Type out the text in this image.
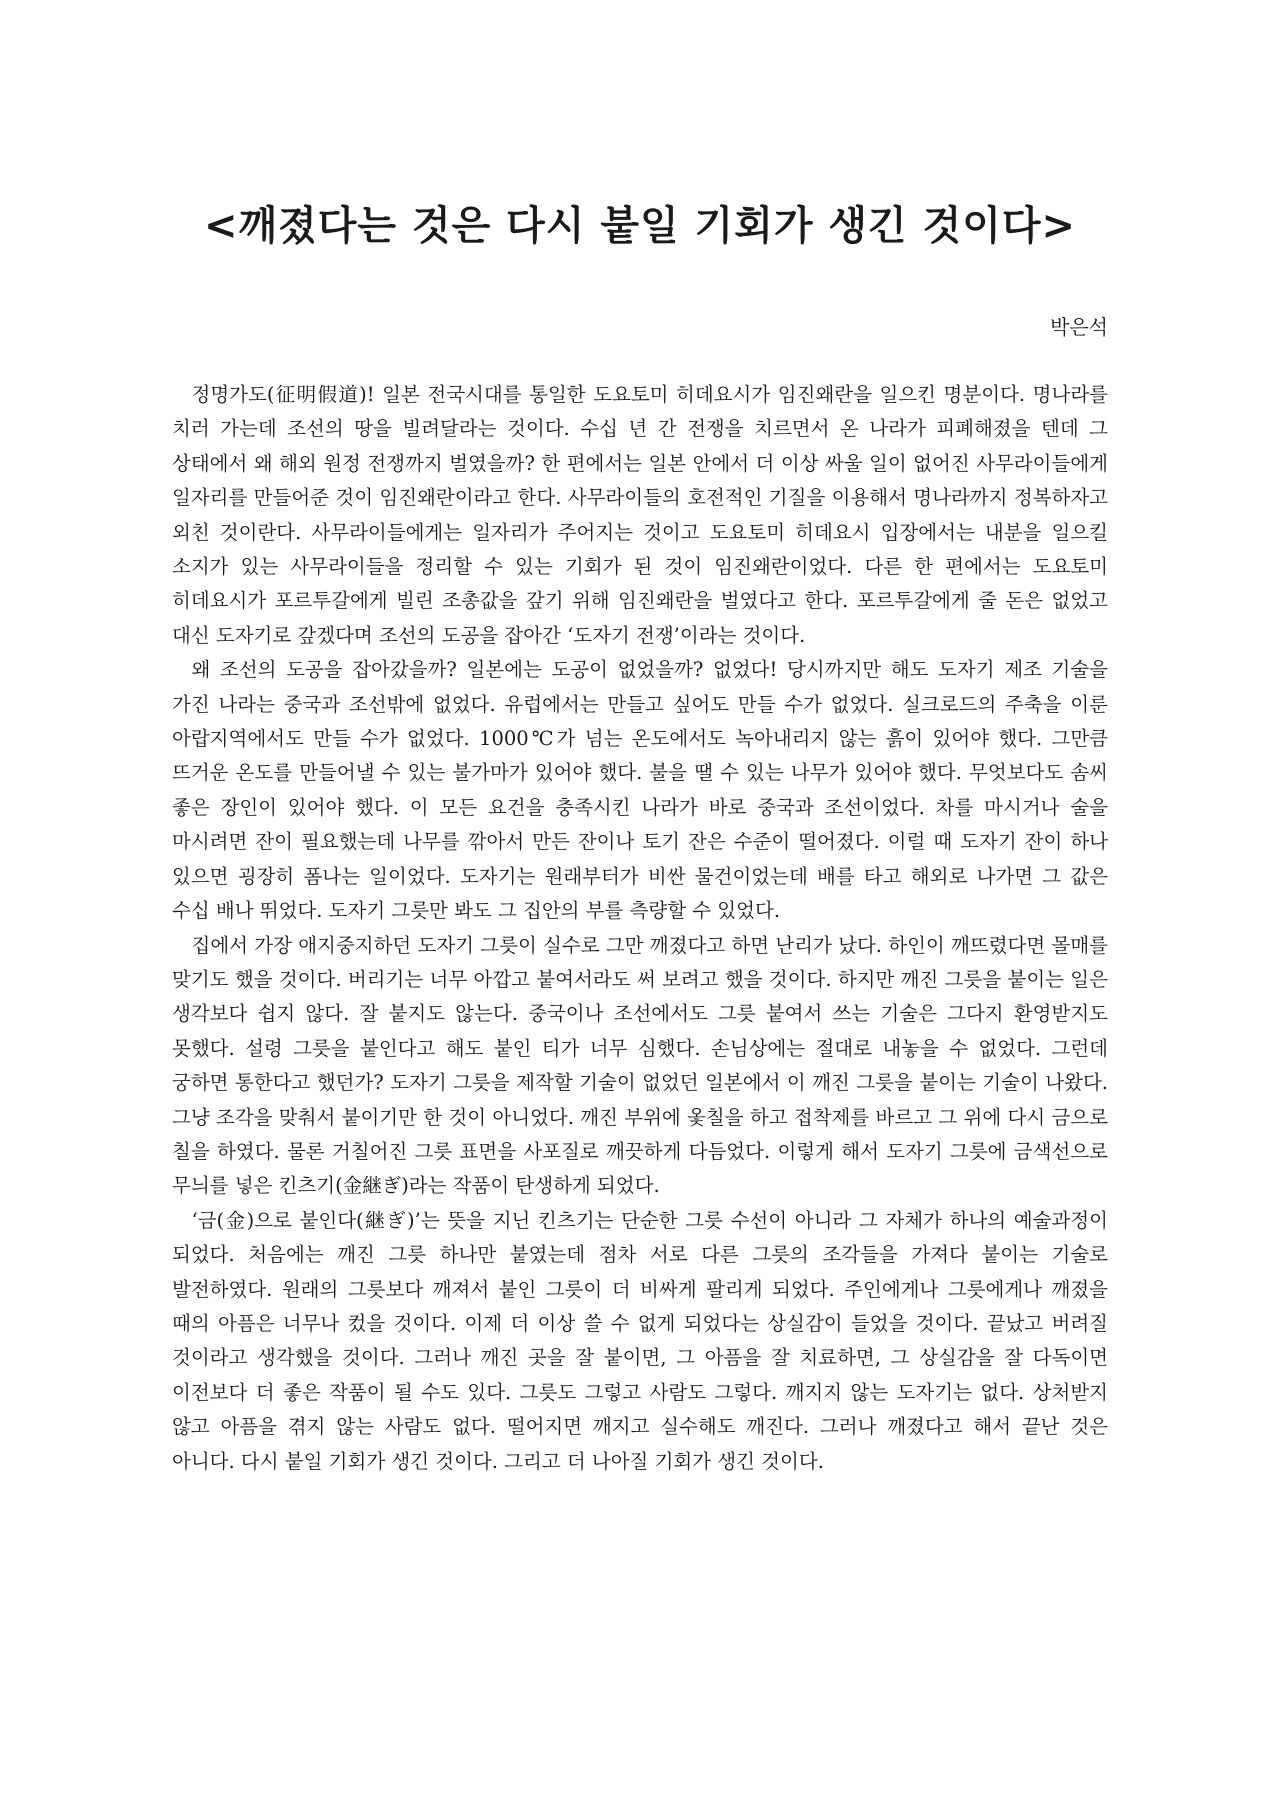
<깨졌다는 것은 다시 붙일 기회가 생긴 것이다>
박은석

정명가도(征明假道)! 일본 전국시대를 통일한 도요토미 히데요시가 임진왜란을 일으킨 명분이다. 명나라를 치러 가는데 조선의 땅을 빌려달라는 것이다. 수십 년 간 전쟁을 치르면서 온 나라가 피폐해졌을 텐데 그 상태에서 왜 해외 원정 전쟁까지 벌였을까? 한 편에서는 일본 안에서 더 이상 싸울 일이 없어진 사무라이들에게 일자리를 만들어준 것이 임진왜란이라고 한다. 사무라이들의 호전적인 기질을 이용해서 명나라까지 정복하자고 외친 것이란다. 사무라이들에게는 일자리가 주어지는 것이고 도요토미 히데요시 입장에서는 내분을 일으킬 소지가 있는 사무라이들을 정리할 수 있는 기회가 된 것이 임진왜란이었다. 다른 한 편에서는 도요토미 히데요시가 포르투갈에게 빌린 조총값을 갚기 위해 임진왜란을 벌였다고 한다. 포르투갈에게 줄 돈은 없었고 대신 도자기로 갚겠다며 조선의 도공을 잡아간 ‘도자기 전쟁’이라는 것이다.

왜 조선의 도공을 잡아갔을까? 일본에는 도공이 없었을까? 없었다! 당시까지만 해도 도자기 제조 기술을 가진 나라는 중국과 조선밖에 없었다. 유럽에서는 만들고 싶어도 만들 수가 없었다. 실크로드의 주축을 이룬 아랍지역에서도 만들 수가 없었다. 1000℃가 넘는 온도에서도 녹아내리지 않는 흙이 있어야 했다. 그만큼 뜨거운 온도를 만들어낼 수 있는 불가마가 있어야 했다. 불을 땔 수 있는 나무가 있어야 했다. 무엇보다도 솜씨 좋은 장인이 있어야 했다. 이 모든 요건을 충족시킨 나라가 바로 중국과 조선이었다. 차를 마시거나 술을 마시려면 잔이 필요했는데 나무를 깎아서 만든 잔이나 토기 잔은 수준이 떨어졌다. 이럴 때 도자기 잔이 하나 있으면 굉장히 폼나는 일이었다. 도자기는 원래부터가 비싼 물건이었는데 배를 타고 해외로 나가면 그 값은 수십 배나 뛰었다. 도자기 그릇만 봐도 그 집안의 부를 측량할 수 있었다.

집에서 가장 애지중지하던 도자기 그릇이 실수로 그만 깨졌다고 하면 난리가 났다. 하인이 깨뜨렸다면 몰매를 맞기도 했을 것이다. 버리기는 너무 아깝고 붙여서라도 써 보려고 했을 것이다. 하지만 깨진 그릇을 붙이는 일은 생각보다 쉽지 않다. 잘 붙지도 않는다. 중국이나 조선에서도 그릇 붙여서 쓰는 기술은 그다지 환영받지도 못했다. 설령 그릇을 붙인다고 해도 붙인 티가 너무 심했다. 손님상에는 절대로 내놓을 수 없었다. 그런데 궁하면 통한다고 했던가? 도자기 그릇을 제작할 기술이 없었던 일본에서 이 깨진 그릇을 붙이는 기술이 나왔다. 그냥 조각을 맞춰서 붙이기만 한 것이 아니었다. 깨진 부위에 옻칠을 하고 접착제를 바르고 그 위에 다시 금으로 칠을 하였다. 물론 거칠어진 그릇 표면을 사포질로 깨끗하게 다듬었다. 이렇게 해서 도자기 그릇에 금색선으로 무늬를 넣은 킨츠기(金継ぎ)라는 작품이 탄생하게 되었다.

‘금(金)으로 붙인다(継ぎ)’는 뜻을 지닌 킨츠기는 단순한 그릇 수선이 아니라 그 자체가 하나의 예술과정이 되었다. 처음에는 깨진 그릇 하나만 붙였는데 점차 서로 다른 그릇의 조각들을 가져다 붙이는 기술로 발전하였다. 원래의 그릇보다 깨져서 붙인 그릇이 더 비싸게 팔리게 되었다. 주인에게나 그릇에게나 깨졌을 때의 아픔은 너무나 컸을 것이다. 이제 더 이상 쓸 수 없게 되었다는 상실감이 들었을 것이다. 끝났고 버려질 것이라고 생각했을 것이다. 그러나 깨진 곳을 잘 붙이면, 그 아픔을 잘 치료하면, 그 상실감을 잘 다독이면 이전보다 더 좋은 작품이 될 수도 있다. 그릇도 그렇고 사람도 그렇다. 깨지지 않는 도자기는 없다. 상처받지 않고 아픔을 겪지 않는 사람도 없다. 떨어지면 깨지고 실수해도 깨진다. 그러나 깨졌다고 해서 끝난 것은 아니다. 다시 붙일 기회가 생긴 것이다. 그리고 더 나아질 기회가 생긴 것이다.
